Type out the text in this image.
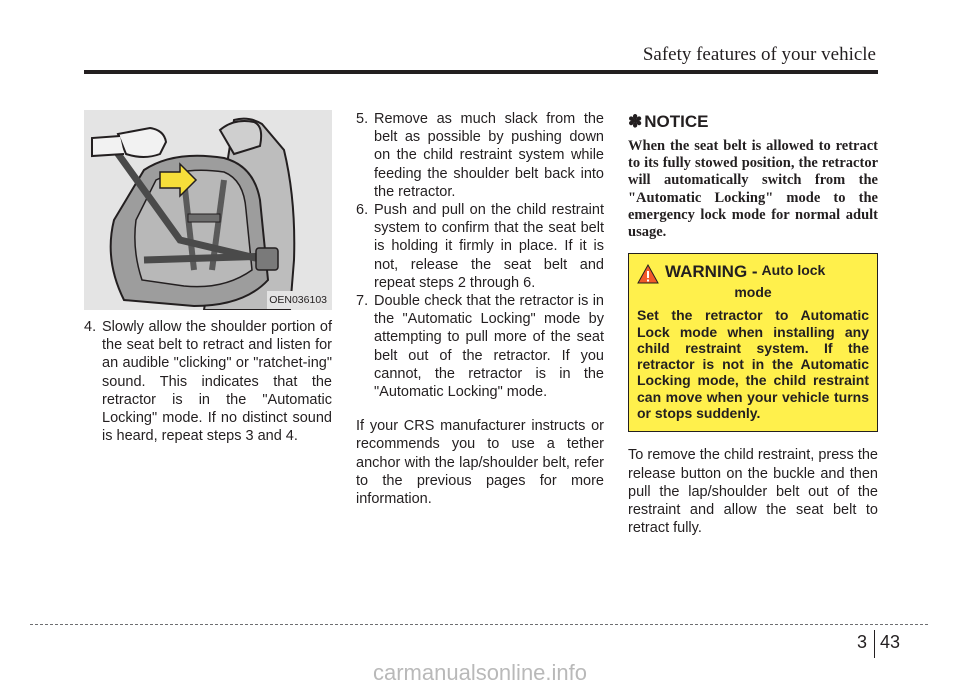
Safety features of your vehicle
OEN036103
4. Slowly allow the shoulder portion of the seat belt to retract and listen for an audible "clicking" or "ratchet-ing" sound. This indicates that the retractor is in the "Automatic Locking" mode. If no distinct sound is heard, repeat steps 3 and 4.
5. Remove as much slack from the belt as possible by pushing down on the child restraint system while feeding the shoulder belt back into the retractor.
6. Push and pull on the child restraint system to confirm that the seat belt is holding it firmly in place. If it is not, release the seat belt and repeat steps 2 through 6.
7. Double check that the retractor is in the "Automatic Locking" mode by attempting to pull more of the seat belt out of the retractor. If you cannot, the retractor is in the "Automatic Locking" mode.

If your CRS manufacturer instructs or recommends you to use a tether anchor with the lap/shoulder belt, refer to the previous pages for more information.

✽ NOTICE

When the seat belt is allowed to retract to its fully stowed position, the retractor will automatically switch from the "Automatic Locking" mode to the emergency lock mode for normal adult usage.

WARNING - Auto lock
mode

Set the retractor to Automatic Lock mode when installing any child restraint system. If the retractor is not in the Automatic Locking mode, the child restraint can move when your vehicle turns or stops suddenly.

To remove the child restraint, press the release button on the buckle and then pull the lap/shoulder belt out of the restraint and allow the seat belt to retract fully.

3 43
carmanualsonline.info
